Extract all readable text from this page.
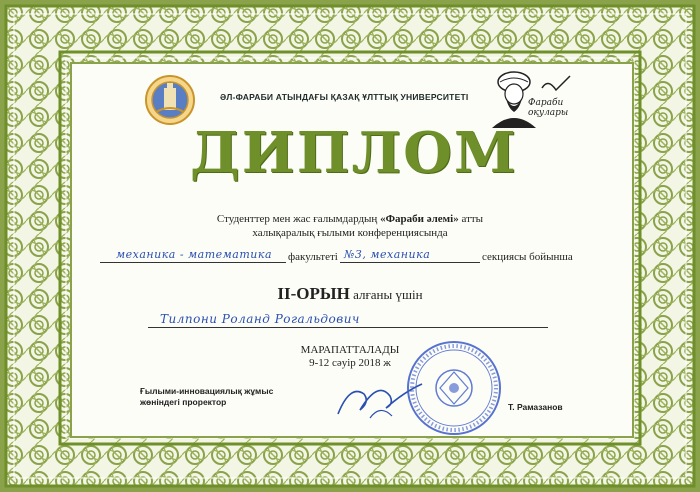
ӘЛ-ФАРАБИ АТЫНДАҒЫ ҚАЗАҚ ҰЛТТЫҚ УНИВЕРСИТЕТІ
Фараби оқулары
ДИПЛОМ
Студенттер мен жас ғалымдардың «Фараби әлемі» атты
халықаралық ғылыми конференциясында
механика - математика	факультеті №3, механика	секциясы бойынша
II-ОРЫН алғаны үшін
Тилпони Роланд Рогальдович
МАРАПАТТАЛАДЫ
9-12 сәуір 2018 ж
Ғылыми-инновациялық жұмыс
жөніндегі проректор	Т. Рамазанов
